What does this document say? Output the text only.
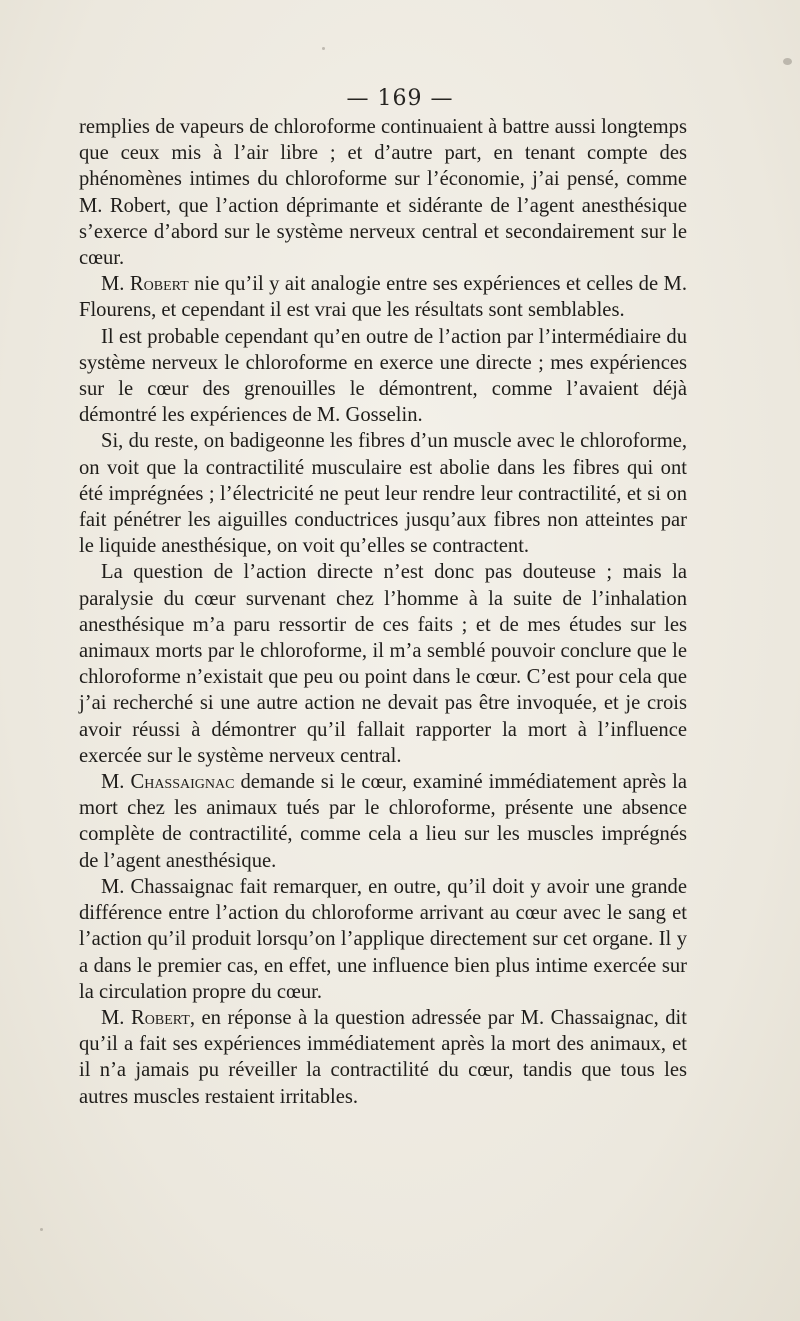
— 169 —

remplies de vapeurs de chloroforme continuaient à battre aussi longtemps que ceux mis à l’air libre ; et d’autre part, en tenant compte des phénomènes intimes du chloroforme sur l’économie, j’ai pensé, comme M. Robert, que l’action déprimante et sidérante de l’agent anesthésique s’exerce d’abord sur le système nerveux central et secondairement sur le cœur.

M. Robert nie qu’il y ait analogie entre ses expériences et celles de M. Flourens, et cependant il est vrai que les résultats sont semblables.

Il est probable cependant qu’en outre de l’action par l’intermédiaire du système nerveux le chloroforme en exerce une directe ; mes expériences sur le cœur des grenouilles le démontrent, comme l’avaient déjà démontré les expériences de M. Gosselin.

Si, du reste, on badigeonne les fibres d’un muscle avec le chloroforme, on voit que la contractilité musculaire est abolie dans les fibres qui ont été imprégnées ; l’électricité ne peut leur rendre leur contractilité, et si on fait pénétrer les aiguilles conductrices jusqu’aux fibres non atteintes par le liquide anesthésique, on voit qu’elles se contractent.

La question de l’action directe n’est donc pas douteuse ; mais la paralysie du cœur survenant chez l’homme à la suite de l’inhalation anesthésique m’a paru ressortir de ces faits ; et de mes études sur les animaux morts par le chloroforme, il m’a semblé pouvoir conclure que le chloroforme n’existait que peu ou point dans le cœur. C’est pour cela que j’ai recherché si une autre action ne devait pas être invoquée, et je crois avoir réussi à démontrer qu’il fallait rapporter la mort à l’influence exercée sur le système nerveux central.

M. Chassaignac demande si le cœur, examiné immédiatement après la mort chez les animaux tués par le chloroforme, présente une absence complète de contractilité, comme cela a lieu sur les muscles imprégnés de l’agent anesthésique.

M. Chassaignac fait remarquer, en outre, qu’il doit y avoir une grande différence entre l’action du chloroforme arrivant au cœur avec le sang et l’action qu’il produit lorsqu’on l’applique directement sur cet organe. Il y a dans le premier cas, en effet, une influence bien plus intime exercée sur la circulation propre du cœur.

M. Robert, en réponse à la question adressée par M. Chassaignac, dit qu’il a fait ses expériences immédiatement après la mort des animaux, et il n’a jamais pu réveiller la contractilité du cœur, tandis que tous les autres muscles restaient irritables.
